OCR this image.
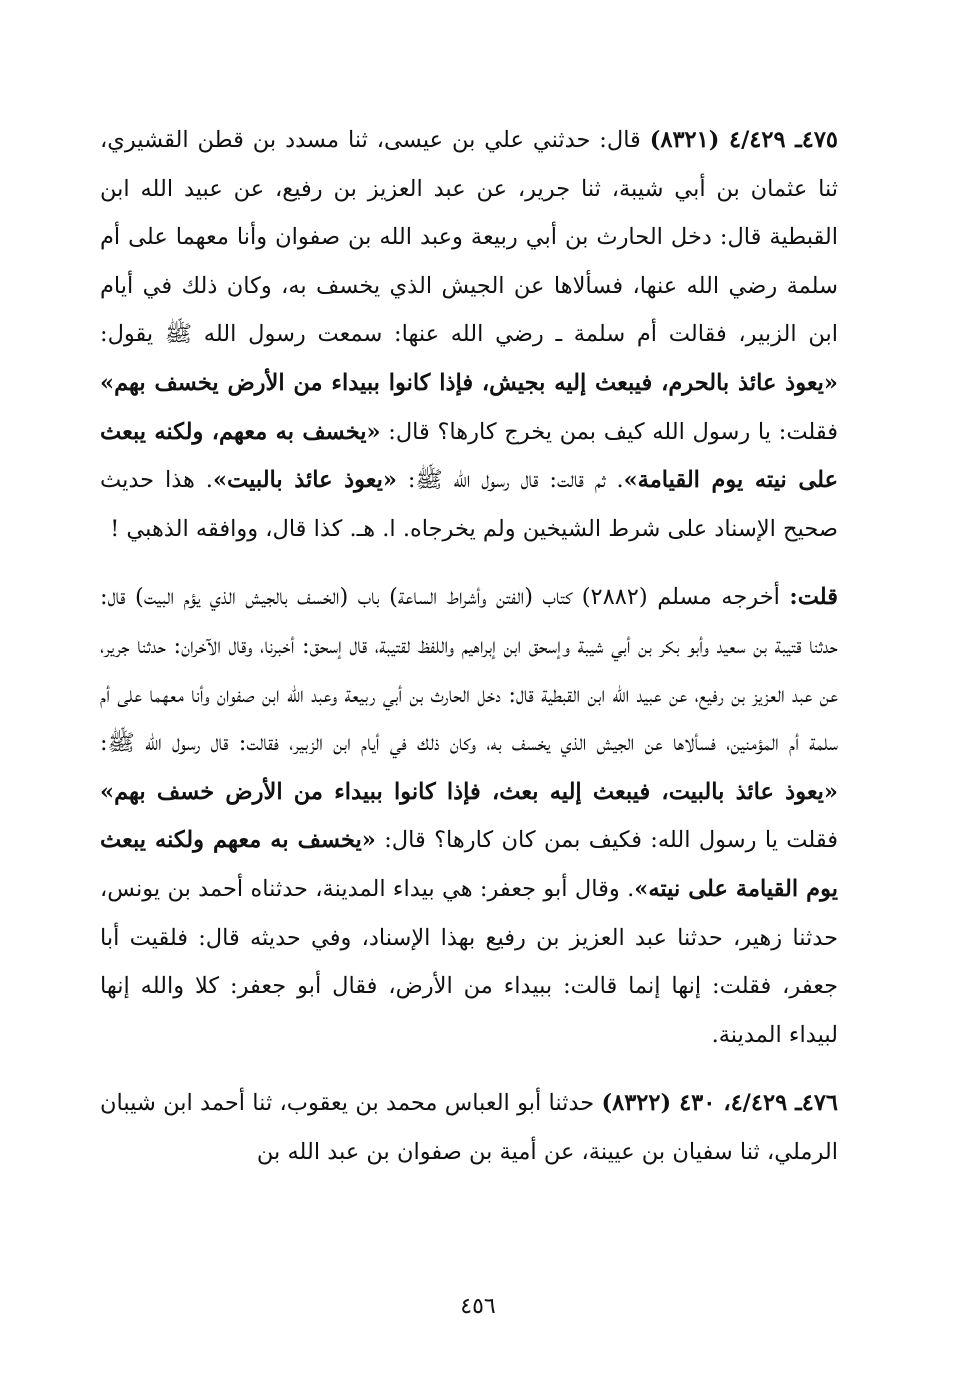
٤٧٥ـ ٤/٤٢٩ (٨٣٢١) قال: حدثني علي بن عيسى، ثنا مسدد بن قطن القشيري، ثنا عثمان بن أبي شيبة، ثنا جرير، عن عبد العزيز بن رفيع، عن عبيد الله ابن القبطية قال: دخل الحارث بن أبي ربيعة وعبد الله بن صفوان وأنا معهما على أم سلمة رضي الله عنها، فسألاها عن الجيش الذي يخسف به، وكان ذلك في أيام ابن الزبير، فقالت أم سلمة ـ رضي الله عنها: سمعت رسول الله ﷺ يقول: «يعوذ عائذ بالحرم، فيبعث إليه بجيش، فإذا كانوا ببيداء من الأرض يخسف بهم» فقلت: يا رسول الله كيف بمن يخرج كارها؟ قال: «يخسف به معهم، ولكنه يبعث على نيته يوم القيامة». ثم قالت: قال رسول الله ﷺ: «يعوذ عائذ بالبيت». هذا حديث صحيح الإسناد على شرط الشيخين ولم يخرجاه. ا. هـ. كذا قال، ووافقه الذهبي !

قلت: أخرجه مسلم (٢٨٨٢) كتاب (الفتن وأشراط الساعة) باب (الخسف بالجيش الذي يؤم البيت) قال: حدثنا قتيبة بن سعيد وأبو بكر بن أبي شيبة وإسحق ابن إبراهيم واللفظ لقتيبة، قال إسحق: أخبرنا، وقال الآخران: حدثنا جرير، عن عبد العزيز بن رفيع، عن عبيد الله ابن القبطية قال: دخل الحارث بن أبي ربيعة وعبد الله ابن صفوان وأنا معهما على أم سلمة أم المؤمنين، فسألاها عن الجيش الذي يخسف به، وكان ذلك في أيام ابن الزبير، فقالت: قال رسول الله ﷺ: «يعوذ عائذ بالبيت، فيبعث إليه بعث، فإذا كانوا ببيداء من الأرض خسف بهم» فقلت يا رسول الله: فكيف بمن كان كارها؟ قال: «يخسف به معهم ولكنه يبعث يوم القيامة على نيته». وقال أبو جعفر: هي بيداء المدينة، حدثناه أحمد بن يونس، حدثنا زهير، حدثنا عبد العزيز بن رفيع بهذا الإسناد، وفي حديثه قال: فلقيت أبا جعفر، فقلت: إنها إنما قالت: ببيداء من الأرض، فقال أبو جعفر: كلا والله إنها لبيداء المدينة.

٤٧٦ـ ٤/٤٢٩، ٤٣٠ (٨٣٢٢) حدثنا أبو العباس محمد بن يعقوب، ثنا أحمد ابن شيبان الرملي، ثنا سفيان بن عيينة، عن أمية بن صفوان بن عبد الله بن

٤٥٦
